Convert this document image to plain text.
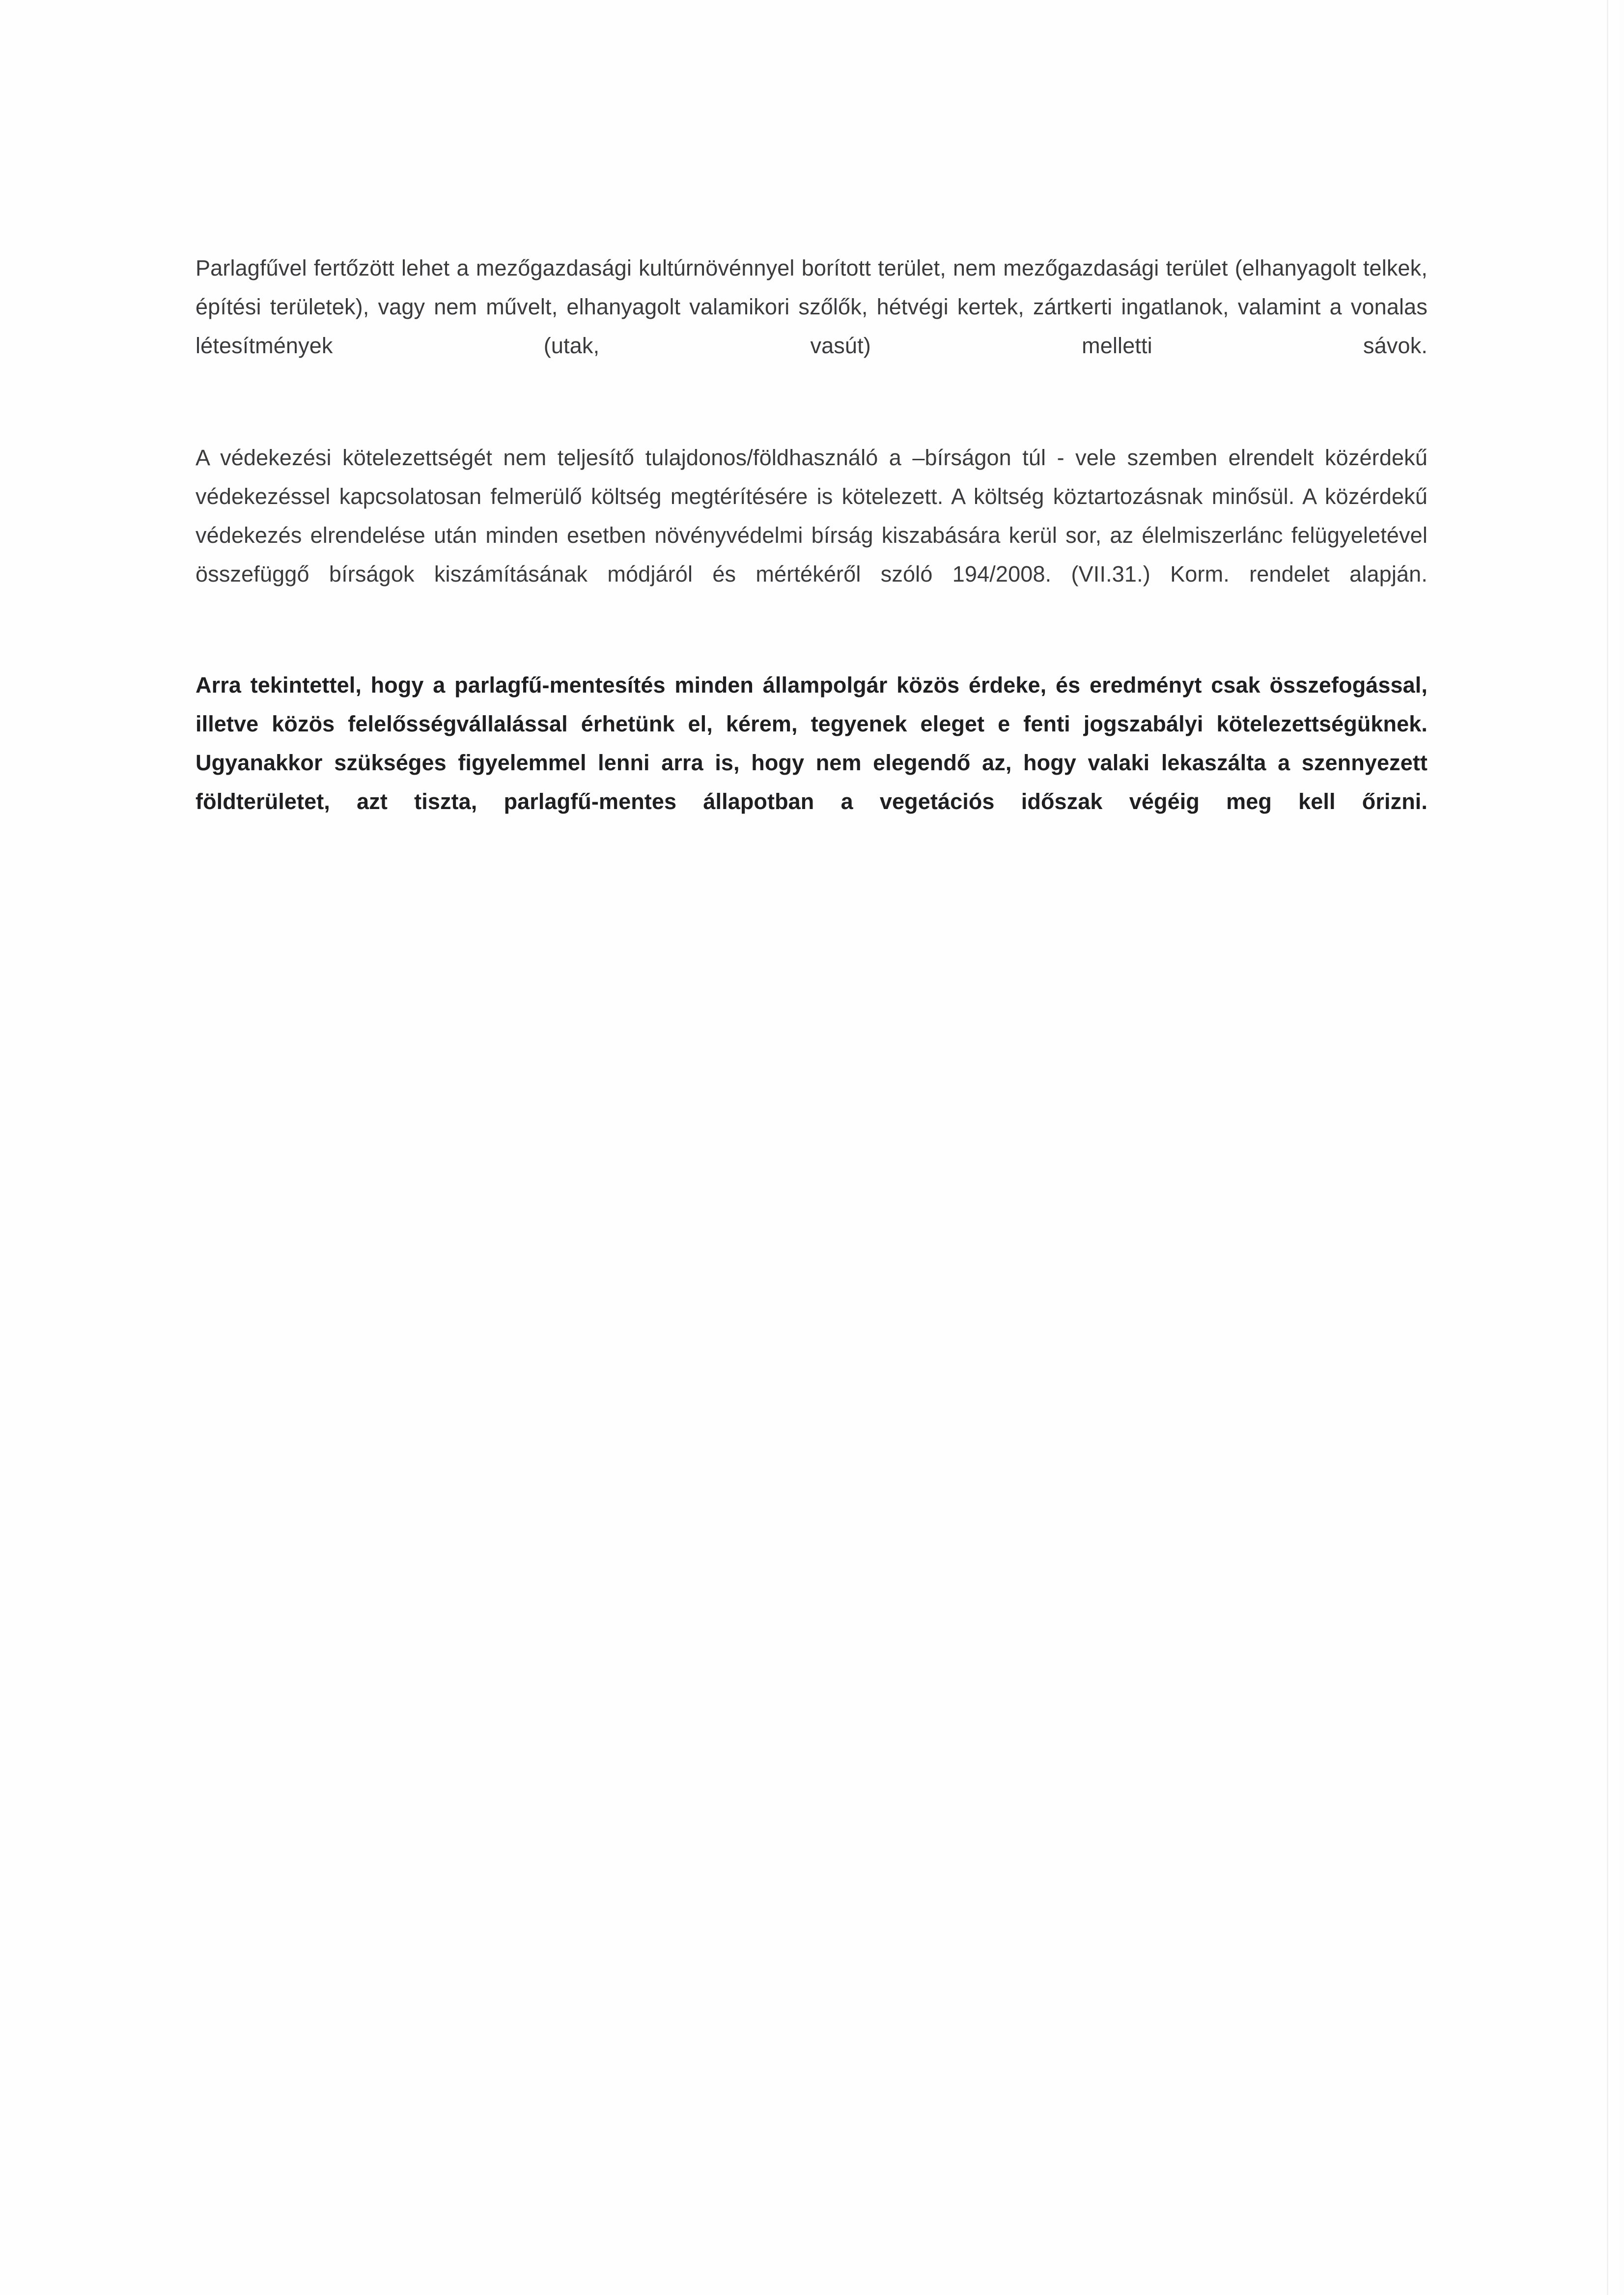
Parlagfűvel fertőzött lehet a mezőgazdasági kultúrnövénnyel borított terület, nem mezőgazdasági terület (elhanyagolt telkek, építési területek), vagy nem művelt, elhanyagolt valamikori szőlők, hétvégi kertek, zártkerti ingatlanok, valamint a vonalas létesítmények (utak, vasút) melletti sávok.

A védekezési kötelezettségét nem teljesítő tulajdonos/földhasználó a –bírságon túl - vele szemben elrendelt közérdekű védekezéssel kapcsolatosan felmerülő költség megtérítésére is kötelezett. A költség köztartozásnak minősül. A közérdekű védekezés elrendelése után minden esetben növényvédelmi bírság kiszabására kerül sor, az élelmiszerlánc felügyeletével összefüggő bírságok kiszámításának módjáról és mértékéről szóló 194/2008. (VII.31.) Korm. rendelet alapján.

Arra tekintettel, hogy a parlagfű-mentesítés minden állampolgár közös érdeke, és eredményt csak összefogással, illetve közös felelősségvállalással érhetünk el, kérem, tegyenek eleget e fenti jogszabályi kötelezettségüknek. Ugyanakkor szükséges figyelemmel lenni arra is, hogy nem elegendő az, hogy valaki lekaszálta a szennyezett földterületet, azt tiszta, parlagfű-mentes állapotban a vegetációs időszak végéig meg kell őrizni.
